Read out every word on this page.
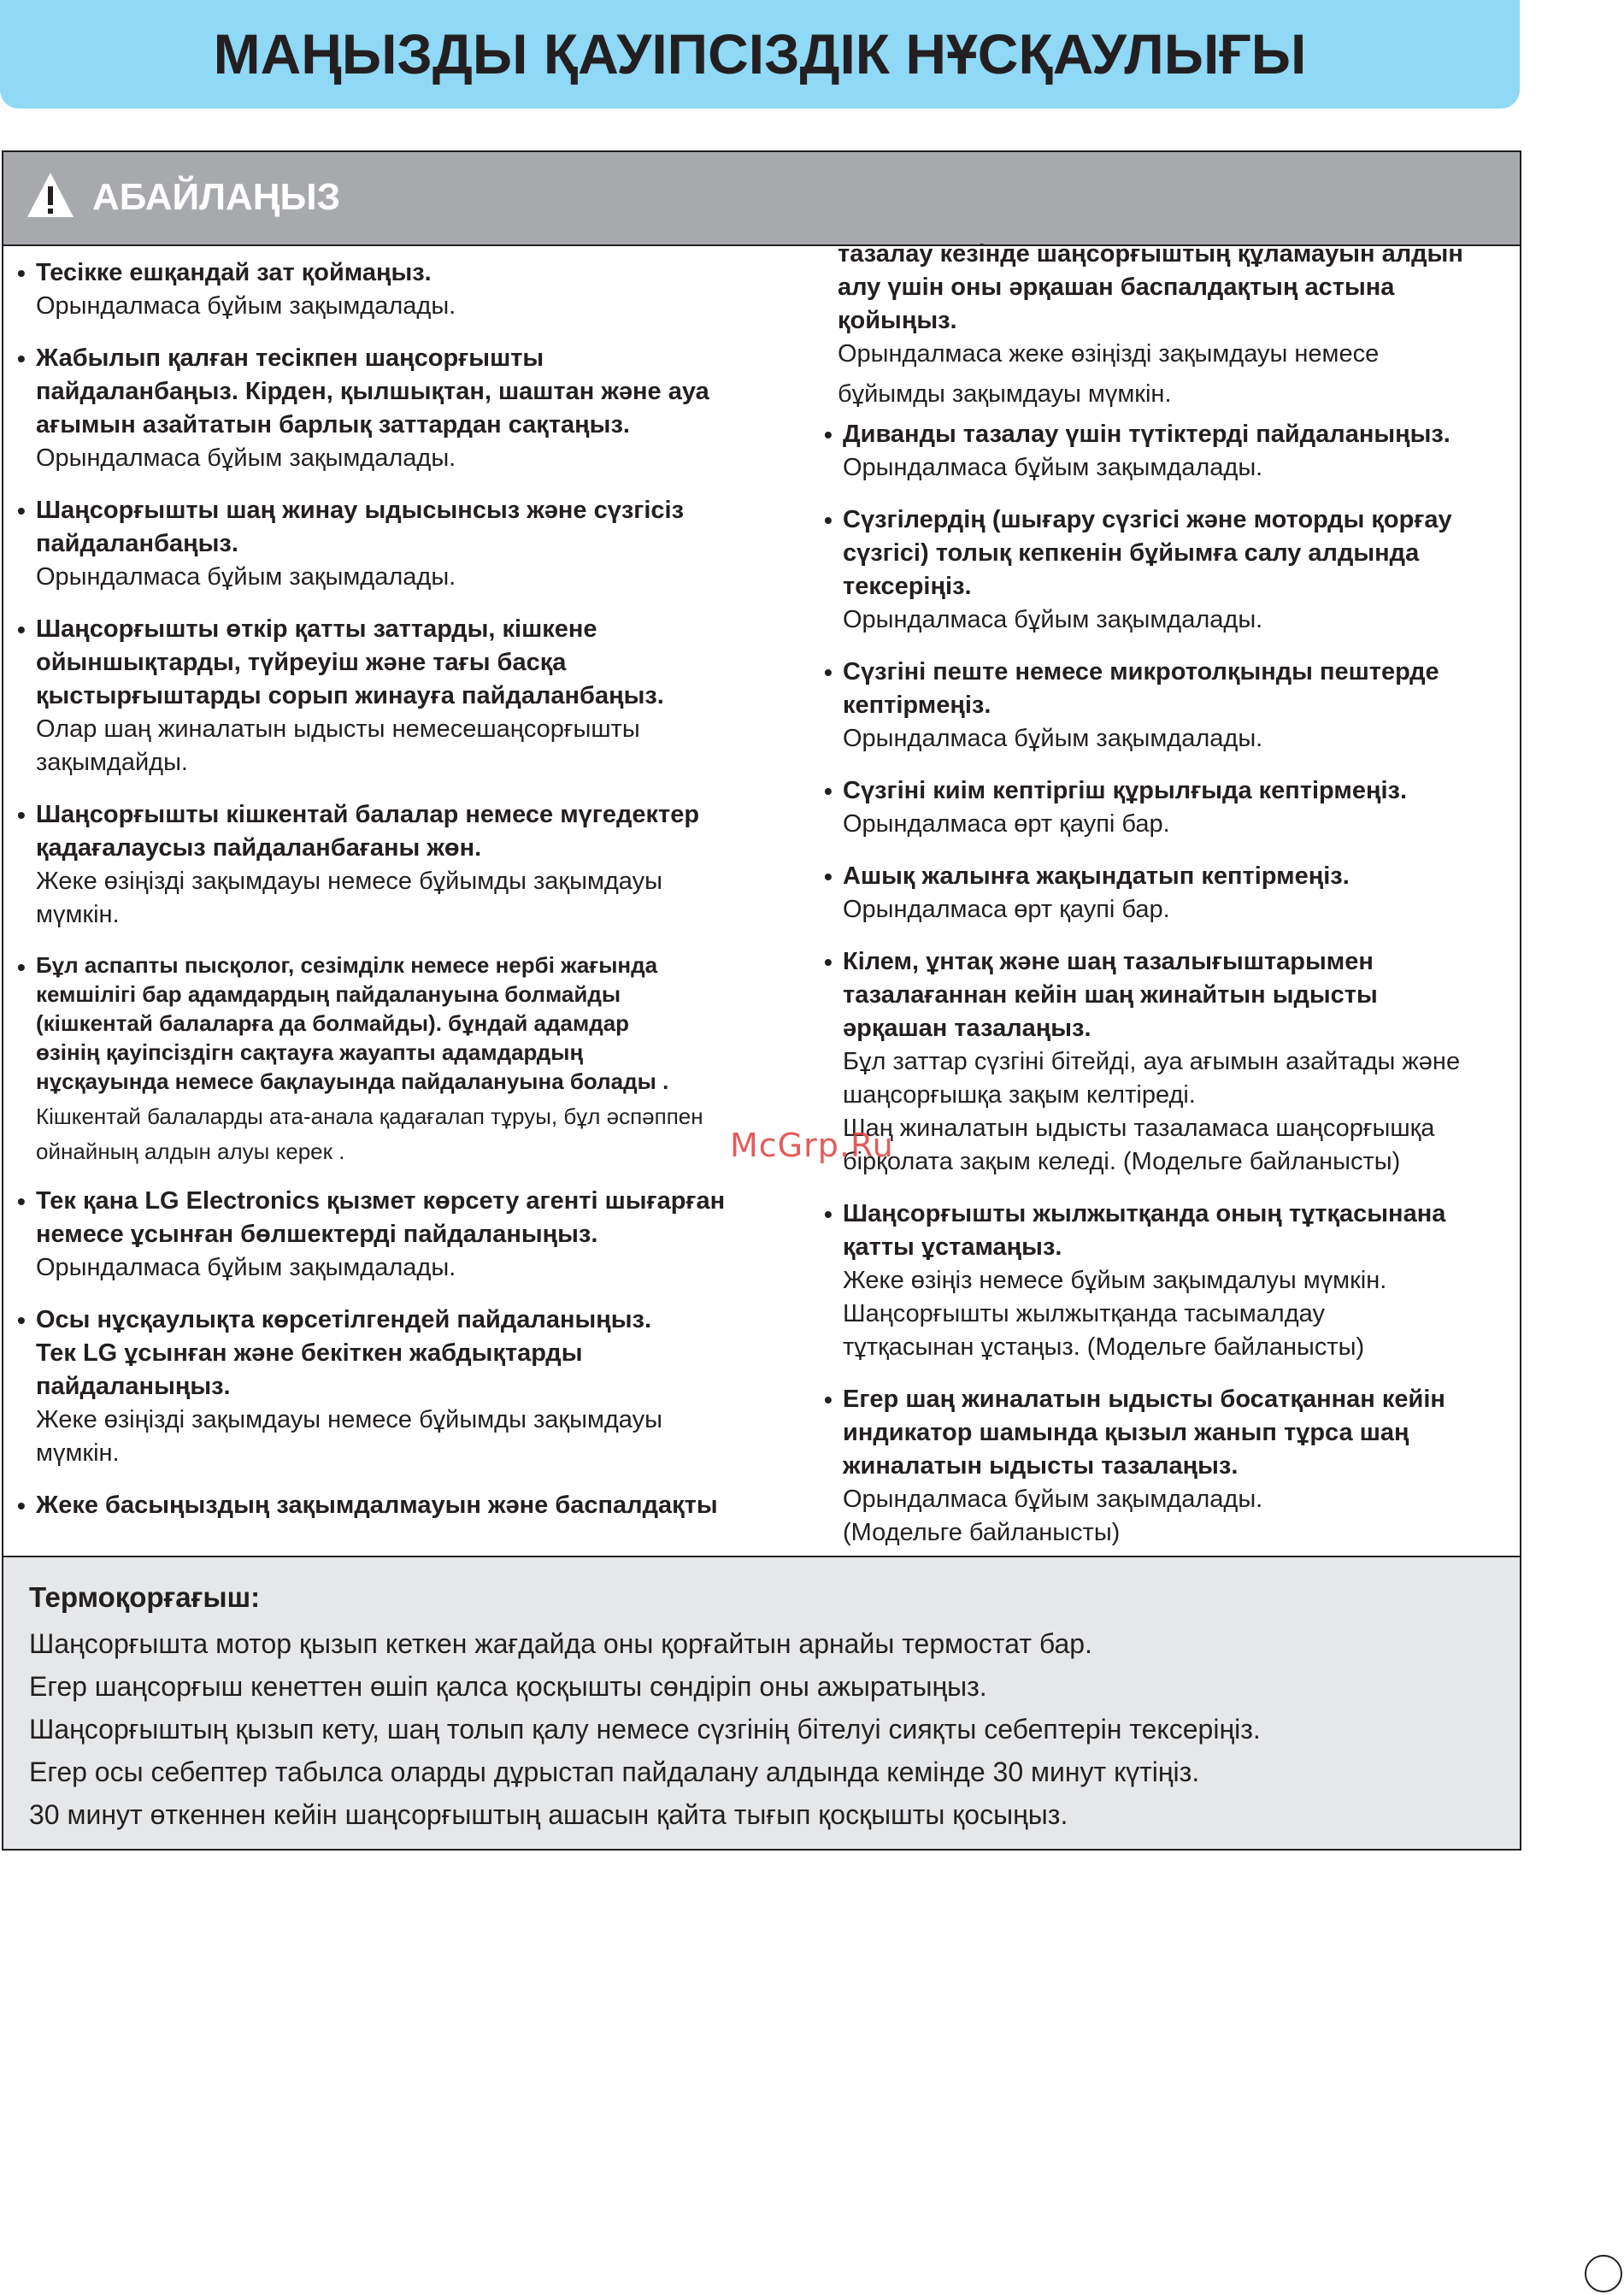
МАҢЫЗДЫ ҚАУІПСІЗДІК НҰСҚАУЛЫҒЫ
АБАЙЛАҢЫЗ
• Тесікке ешқандай зат қоймаңыз.
Орындалмаса бұйым зақымдалады.
• Жабылып қалған тесікпен шаңсорғышты
пайдаланбаңыз. Кірден, қылшықтан, шаштан және ауа
ағымын азайтатын барлық заттардан сақтаңыз.
Орындалмаса бұйым зақымдалады.
• Шаңсорғышты шаң жинау ыдысынсыз және сүзгісіз
пайдаланбаңыз.
Орындалмаса бұйым зақымдалады.
• Шаңсорғышты өткір қатты заттарды, кішкене
ойыншықтарды, түйреуіш және тағы басқа
қыстырғыштарды сорып жинауға пайдаланбаңыз.
Олар шаң жиналатын ыдысты немесешаңсорғышты
зақымдайды.
• Шаңсорғышты кішкентай балалар немесе мүгедектер
қадағалаусыз пайдаланбағаны жөн.
Жеке өзіңізді зақымдауы немесе бұйымды зақымдауы
мүмкін.
• Бұл аспапты пысқолог, сезімділк немесе нербі жағында
кемшілігі бар адамдардың пайдалануына болмайды
(кішкентай балаларға да болмайды). бұндай адамдар
өзінің қауіпсіздігн сақтауға жауапты адамдардың
нұсқауында немесе бақлауында пайдалануына болады .
Кішкентай балаларды ата-анала қадағалап тұруы, бұл әспәппен
ойнайның алдын алуы керек .
• Тек қана LG Electronics қызмет көрсету агенті шығарған
немесе ұсынған бөлшектерді пайдаланыңыз.
Орындалмаса бұйым зақымдалады.
• Осы нұсқаулықта көрсетілгендей пайдаланыңыз.
Тек LG ұсынған және бекіткен жабдықтарды
пайдаланыңыз.
Жеке өзіңізді зақымдауы немесе бұйымды зақымдауы
мүмкін.
• Жеке басыңыздың зақымдалмауын және баспалдақты
тазалау кезінде шаңсорғыштың құламауын алдын
алу үшін оны әрқашан баспалдақтың астына
қойыңыз.
Орындалмаса жеке өзіңізді зақымдауы немесе
бұйымды зақымдауы мүмкін.
• Диванды тазалау үшін түтіктерді пайдаланыңыз.
Орындалмаса бұйым зақымдалады.
• Сүзгілердің (шығару сүзгісі және моторды қорғау
сүзгісі) толық кепкенін бұйымға салу алдында
тексеріңіз.
Орындалмаса бұйым зақымдалады.
• Сүзгіні пеште немесе микротолқынды пештерде
кептірмеңіз.
Орындалмаса бұйым зақымдалады.
• Сүзгіні киім кептіргіш құрылғыда кептірмеңіз.
Орындалмаса өрт қаупі бар.
• Ашық жалынға жақындатып кептірмеңіз.
Орындалмаса өрт қаупі бар.
• Кілем, ұнтақ және шаң тазалығыштарымен
тазалағаннан кейін шаң жинайтын ыдысты
әрқашан тазалаңыз.
Бұл заттар сүзгіні бітейді, ауа ағымын азайтады және
шаңсорғышқа зақым келтіреді.
Шаң жиналатын ыдысты тазаламаса шаңсорғышқа
бірқолата зақым келеді. (Модельге байланысты)
• Шаңсорғышты жылжытқанда оның тұтқасынана
қатты ұстамаңыз.
Жеке өзіңіз немесе бұйым зақымдалуы мүмкін.
Шаңсорғышты жылжытқанда тасымалдау
тұтқасынан ұстаңыз. (Модельге байланысты)
• Егер шаң жиналатын ыдысты босатқаннан кейін
индикатор шамында қызыл жанып тұрса шаң
жиналатын ыдысты тазалаңыз.
Орындалмаса бұйым зақымдалады.
(Модельге байланысты)
Термоқорғағыш:
Шаңсорғышта мотор қызып кеткен жағдайда оны қорғайтын арнайы термостат бар.
Егер шаңсорғыш кенеттен өшіп қалса қосқышты сөндіріп оны ажыратыңыз.
Шаңсорғыштың қызып кету, шаң толып қалу немесе сүзгінің бітелуі сияқты себептерін тексеріңіз.
Егер осы себептер табылса оларды дұрыстап пайдалану алдында кемінде 30 минут күтіңіз.
30 минут өткеннен кейін шаңсорғыштың ашасын қайта тығып қосқышты қосыңыз.
McGrp.Ru
